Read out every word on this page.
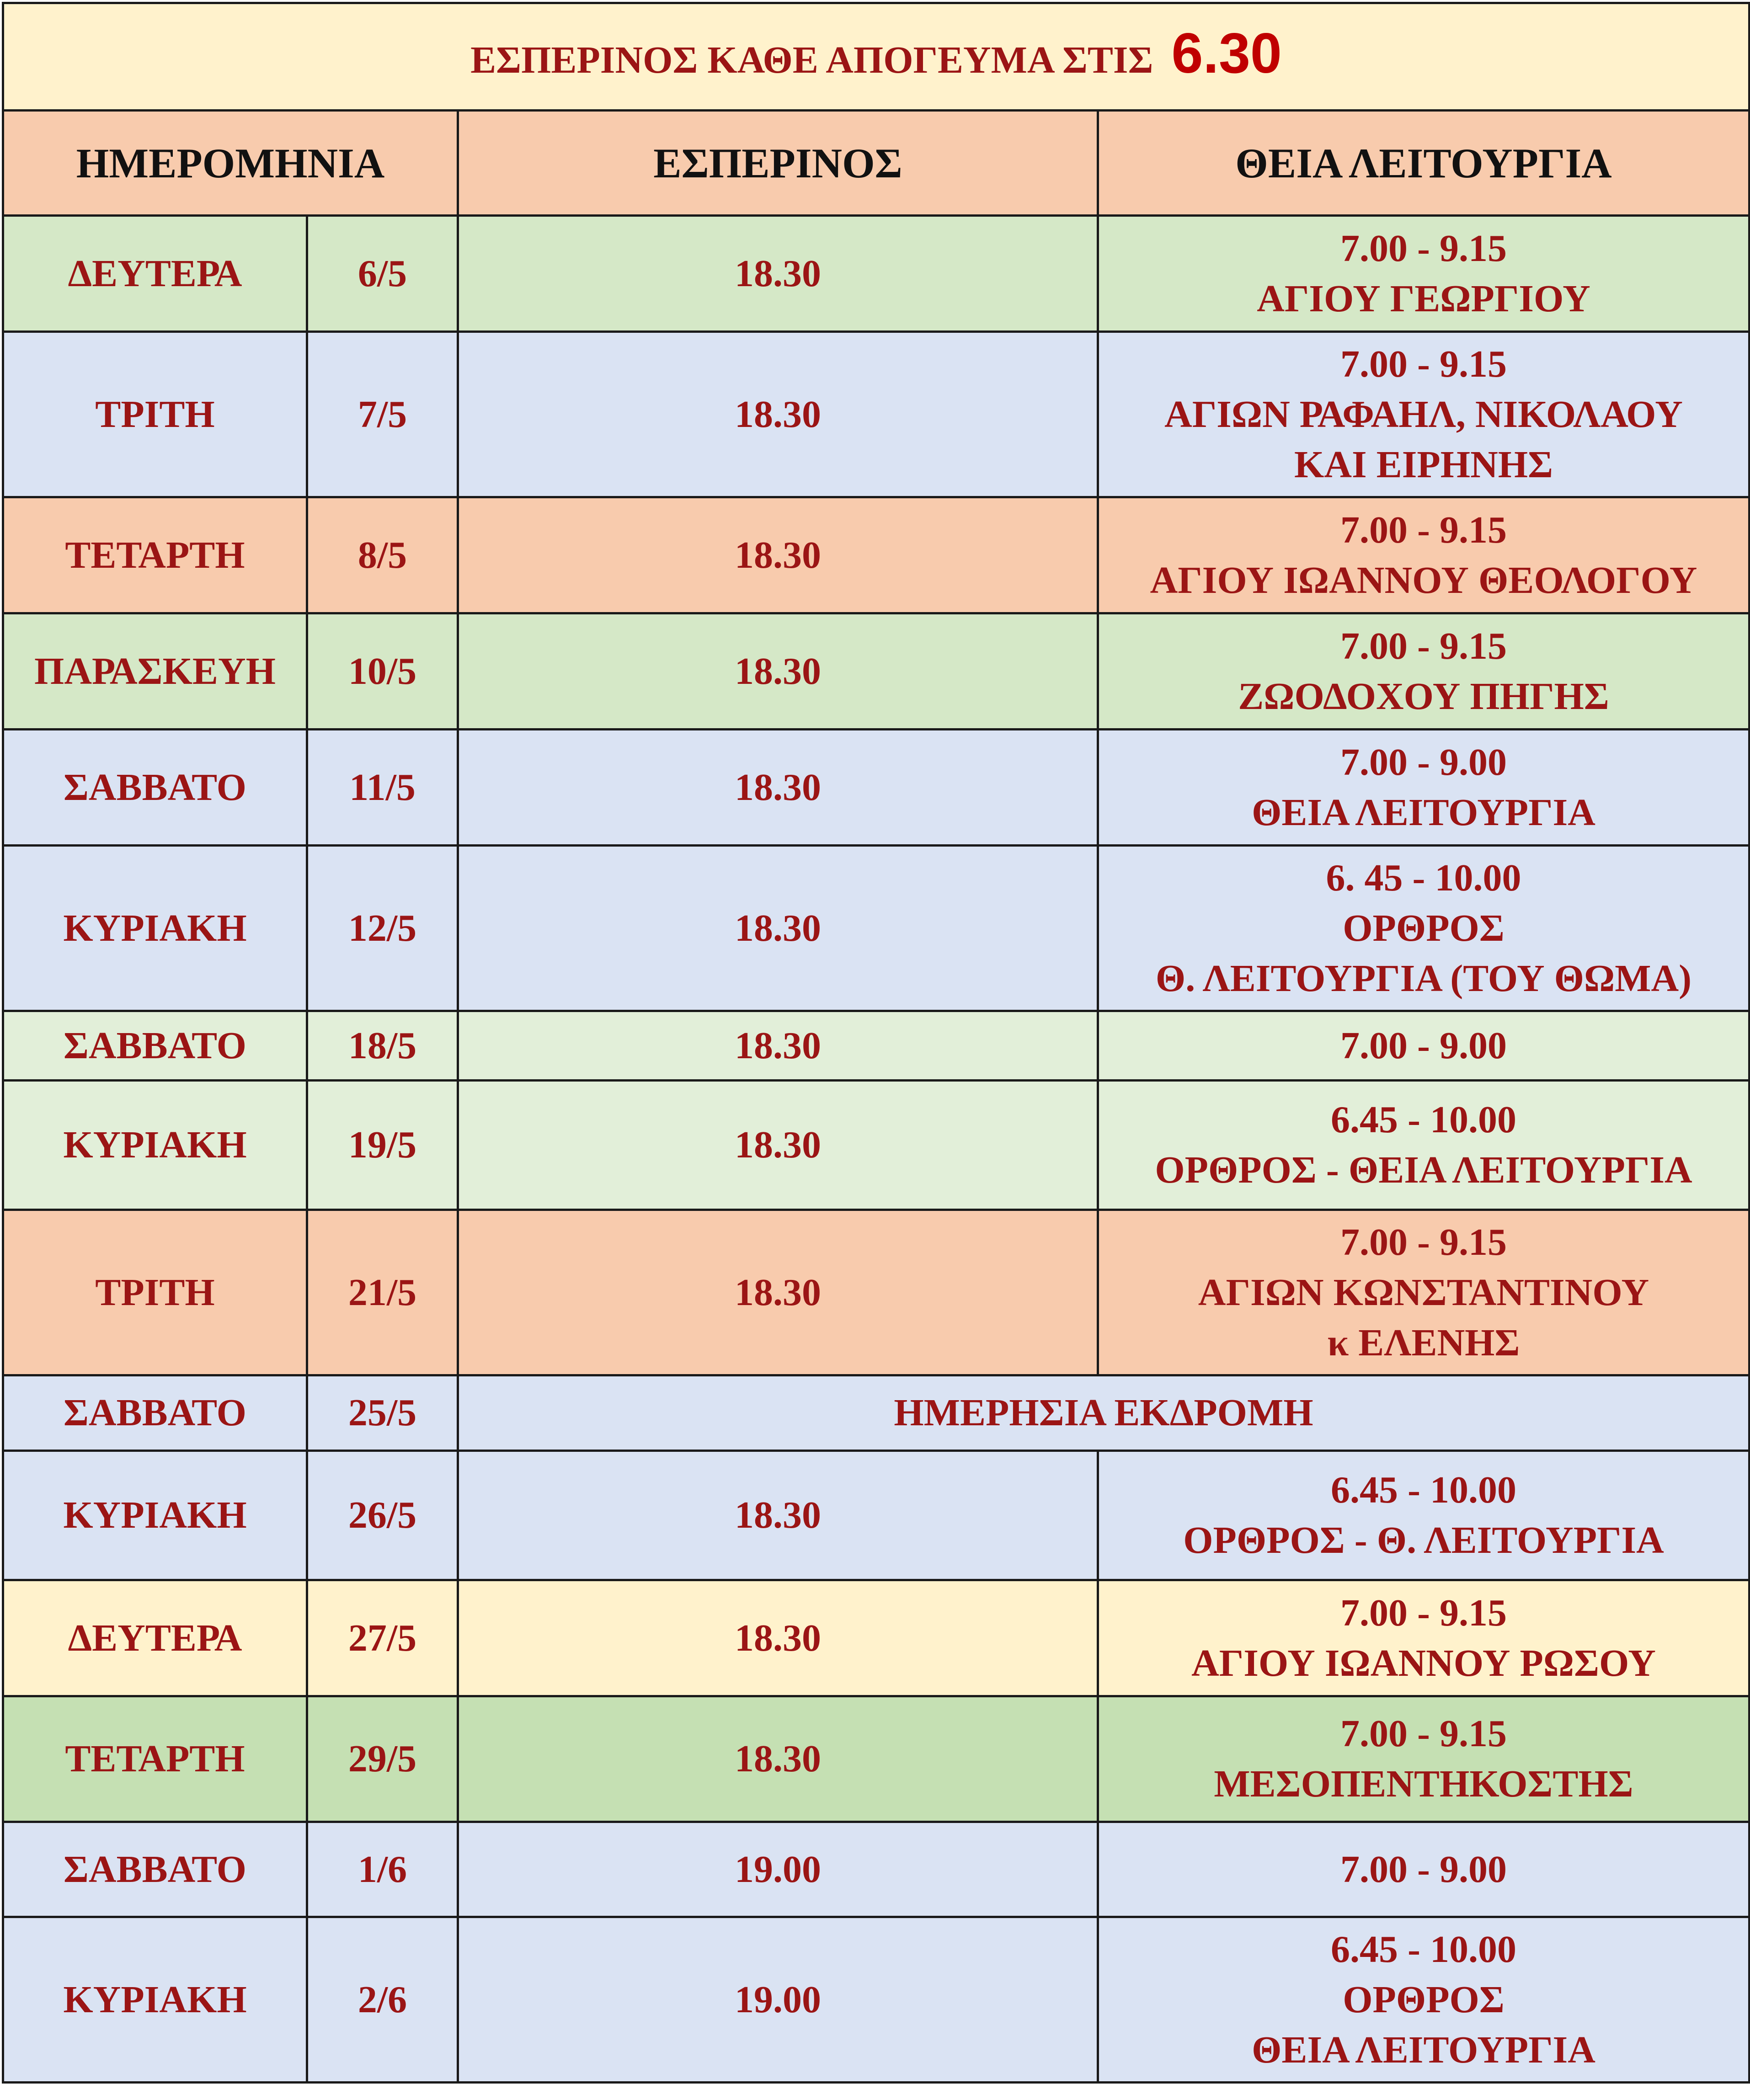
ΕΣΠΕΡΙΝΟΣ ΚΑΘΕ ΑΠΟΓΕΥΜΑ ΣΤΙΣ 6.30			
ΗΜΕΡΟΜΗΝΙΑ		ΕΣΠΕΡΙΝΟΣ	ΘΕΙΑ ΛΕΙΤΟΥΡΓΙΑ
ΔΕΥΤΕΡΑ	6/5	18.30	7.00 - 9.15
ΑΓΙΟΥ ΓΕΩΡΓΙΟΥ

ΤΡΙΤΗ	7/5	18.30	7.00 - 9.15
ΑΓΙΩΝ ΡΑΦΑΗΛ, ΝΙΚΟΛΑΟΥ
ΚΑΙ ΕΙΡΗΝΗΣ

ΤΕΤΑΡΤΗ	8/5	18.30	7.00 - 9.15
ΑΓΙΟΥ ΙΩΑΝΝΟΥ ΘΕΟΛΟΓΟΥ

ΠΑΡΑΣΚΕΥΗ	10/5	18.30	7.00 - 9.15
ΖΩΟΔΟΧΟΥ ΠΗΓΗΣ

ΣΑΒΒΑΤΟ	11/5	18.30	7.00 - 9.00
ΘΕΙΑ ΛΕΙΤΟΥΡΓΙΑ

ΚΥΡΙΑΚΗ	12/5	18.30	6. 45 - 10.00
ΟΡΘΡΟΣ
Θ. ΛΕΙΤΟΥΡΓΙΑ (ΤΟΥ ΘΩΜΑ)

ΣΑΒΒΑΤΟ	18/5	18.30	7.00 - 9.00

ΚΥΡΙΑΚΗ	19/5	18.30	6.45 - 10.00
ΟΡΘΡΟΣ - ΘΕΙΑ ΛΕΙΤΟΥΡΓΙΑ

ΤΡΙΤΗ	21/5	18.30	7.00 - 9.15
ΑΓΙΩΝ ΚΩΝΣΤΑΝΤΙΝΟΥ
κ ΕΛΕΝΗΣ

ΣΑΒΒΑΤΟ	25/5	ΗΜΕΡΗΣΙΑ ΕΚΔΡΟΜΗ	
ΚΥΡΙΑΚΗ	26/5	18.30	6.45 - 10.00
ΟΡΘΡΟΣ - Θ. ΛΕΙΤΟΥΡΓΙΑ

ΔΕΥΤΕΡΑ	27/5	18.30	7.00 - 9.15
ΑΓΙΟΥ ΙΩΑΝΝΟΥ ΡΩΣΟΥ

ΤΕΤΑΡΤΗ	29/5	18.30	7.00 - 9.15
ΜΕΣΟΠΕΝΤΗΚΟΣΤΗΣ

ΣΑΒΒΑΤΟ	1/6	19.00	7.00 - 9.00

ΚΥΡΙΑΚΗ	2/6	19.00	6.45 - 10.00
ΟΡΘΡΟΣ
ΘΕΙΑ ΛΕΙΤΟΥΡΓΙΑ
